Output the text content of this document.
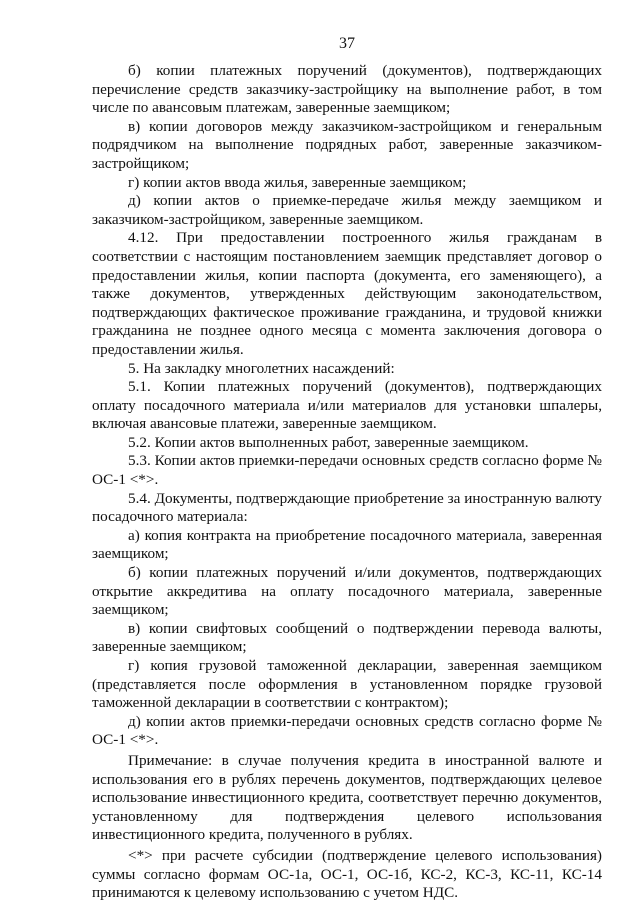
37

б) копии платежных поручений (документов), подтверждающих перечисление средств заказчику-застройщику на выполнение работ, в том числе по авансовым платежам, заверенные заемщиком;

в) копии договоров между заказчиком-застройщиком и генеральным подрядчиком на выполнение подрядных работ, заверенные заказчиком-застройщиком;

г) копии актов ввода жилья, заверенные заемщиком;

д) копии актов о приемке-передаче жилья между заемщиком и заказчиком-застройщиком, заверенные заемщиком.

4.12. При предоставлении построенного жилья гражданам в соответствии с настоящим постановлением заемщик представляет договор о предоставлении жилья, копии паспорта (документа, его заменяющего), а также документов, утвержденных действующим законодательством, подтверждающих фактическое проживание гражданина, и трудовой книжки гражданина не позднее одного месяца с момента заключения договора о предоставлении жилья.

5. На закладку многолетних насаждений:

5.1. Копии платежных поручений (документов), подтверждающих оплату посадочного материала и/или материалов для установки шпалеры, включая авансовые платежи, заверенные заемщиком.

5.2. Копии актов выполненных работ, заверенные заемщиком.

5.3. Копии актов приемки-передачи основных средств согласно форме № ОС-1 <*>.

5.4. Документы, подтверждающие приобретение за иностранную валюту посадочного материала:

а) копия контракта на приобретение посадочного материала, заверенная заемщиком;

б) копии платежных поручений и/или документов, подтверждающих открытие аккредитива на оплату посадочного материала, заверенные заемщиком;

в) копии свифтовых сообщений о подтверждении перевода валюты, заверенные заемщиком;

г) копия грузовой таможенной декларации, заверенная заемщиком (представляется после оформления в установленном порядке грузовой таможенной декларации в соответствии с контрактом);

д) копии актов приемки-передачи основных средств согласно форме № ОС-1 <*>.

Примечание: в случае получения кредита в иностранной валюте и использования его в рублях перечень документов, подтверждающих целевое использование инвестиционного кредита, соответствует перечню документов, установленному для подтверждения целевого использования инвестиционного кредита, полученного в рублях.

<*> при расчете субсидии (подтверждение целевого использования) суммы согласно формам ОС-1а, ОС-1, ОС-1б, КС-2, КС-3, КС-11, КС-14 принимаются к целевому использованию с учетом НДС.
